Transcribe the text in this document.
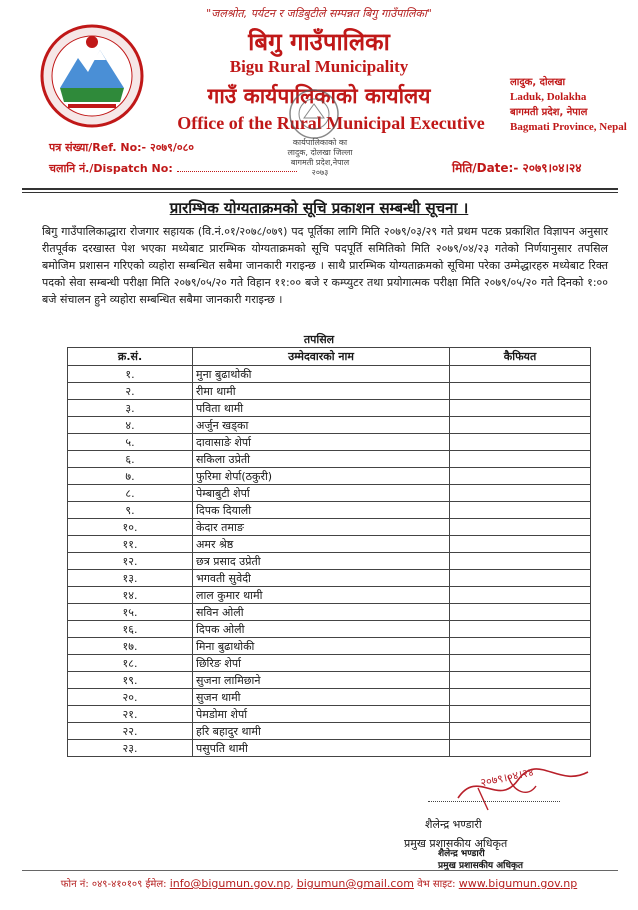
"जलश्रोत, पर्यटन र जडिबुटीले सम्पन्नत बिगु गाउँपालिका"
बिगु गाउँपालिका
Bigu Rural Municipality
गाउँ कार्यपालिकाको कार्यालय
Office of the Rural Municipal Executive
लादुक, दोलखा
Laduk, Dolakha
बागमती प्रदेश, नेपाल
Bagmati Province, Nepal
कार्यपालिकाको का
लादुक, दोलखा जिल्ला
बागमती प्रदेश,नेपाल
२०७३
पत्र संख्या/Ref. No:- २०७९/०८०
चलानि नं./Dispatch No:	मिति/Date:- २०७९।०४।२४
प्रारम्भिक योग्यताक्रमको सूचि प्रकाशन सम्बन्धी सूचना ।
बिगु गाउँपालिकाद्धारा रोजगार सहायक (वि.नं.०१/२०७८/०७९) पद पूर्तिका लागि मिति २०७९/०३/२९ गते प्रथम पटक प्रकाशित विज्ञापन अनुसार रीतपूर्वक दरखास्त पेश भएका मध्येबाट प्रारम्भिक योग्यताक्रमको सूचि पदपूर्ति समितिको मिति २०७९/०४/२३ गतेको निर्णयानुसार तपसिल बमोजिम प्रशासन गरिएको व्यहोरा सम्बन्धित सबैमा जानकारी गराइन्छ । साथै प्रारम्भिक योग्यताक्रमको सूचिमा परेका उम्मेद्धारहरु मध्येबाट रिक्त पदको सेवा सम्बन्धी परीक्षा मिति २०७९/०५/२० गते विहान ११:०० बजे र कम्प्युटर तथा प्रयोगात्मक परीक्षा मिति २०७९/०५/२० गते दिनको १:०० बजे संचालन हुने व्यहोरा सम्बन्धित सबैमा जानकारी गराइन्छ ।
तपसिल
क्र.सं.	उम्मेदवारको नाम	कैफियत
१.	मुना बुढाथोकी	
२.	रीमा थामी	
३.	पविता थामी	
४.	अर्जुन खड्का	
५.	दावासाङे शेर्पा	
६.	सकिला उप्रेती	
७.	फुरिमा शेर्पा(ठकुरी)	
८.	पेम्बाबुटी शेर्पा	
९.	दिपक दियाली	
१०.	केदार तमाङ	
११.	अमर श्रेष्ठ	
१२.	छत्र प्रसाद उप्रेती	
१३.	भगवती सुवेदी	
१४.	लाल कुमार थामी	
१५.	सविन ओली	
१६.	दिपक ओली	
१७.	मिना बुढाथोकी	
१८.	छिरिङ शेर्पा	
१९.	सुजना लामिछाने	
२०.	सुजन थामी	
२१.	पेमडोमा शेर्पा	
२२.	हरि बहादुर थामी	
२३.	पसुपति थामी	
२०७९।०४।२४
शैलेन्द्र भण्डारी
प्रमुख प्रशासकीय अधिकृत
शैलेन्द्र भण्डारी
प्रमुख प्रशासकीय अधिकृत
फोन नं: ०४९-४१०१०९ ईमेल: info@bigumun.gov.np, bigumun@gmail.com वेभ साइट: www.bigumun.gov.np
